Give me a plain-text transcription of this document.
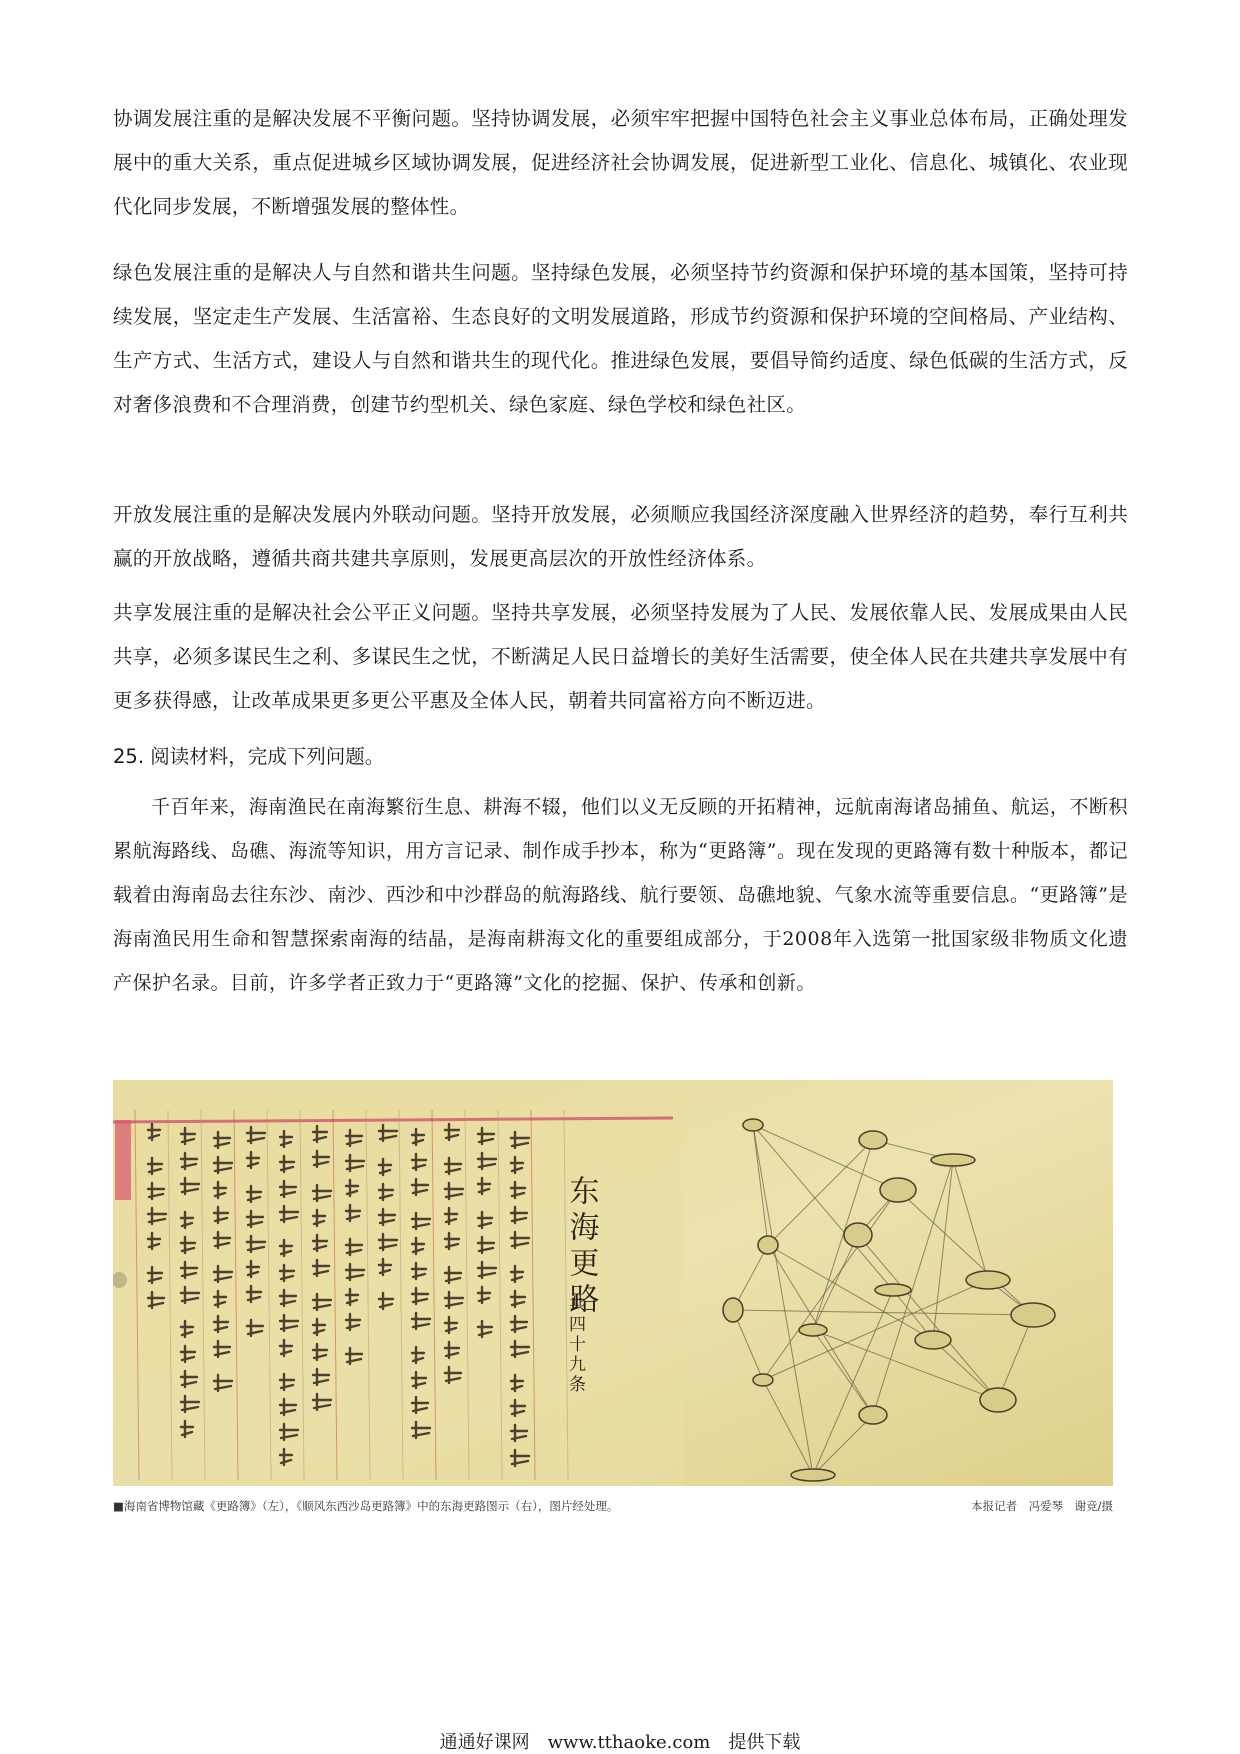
协调发展注重的是解决发展不平衡问题。坚持协调发展，必须牢牢把握中国特色社会主义事业总体布局，正确处理发展中的重大关系，重点促进城乡区域协调发展，促进经济社会协调发展，促进新型工业化、信息化、城镇化、农业现代化同步发展，不断增强发展的整体性。

绿色发展注重的是解决人与自然和谐共生问题。坚持绿色发展，必须坚持节约资源和保护环境的基本国策，坚持可持续发展，坚定走生产发展、生活富裕、生态良好的文明发展道路，形成节约资源和保护环境的空间格局、产业结构、生产方式、生活方式，建设人与自然和谐共生的现代化。推进绿色发展，要倡导简约适度、绿色低碳的生活方式，反对奢侈浪费和不合理消费，创建节约型机关、绿色家庭、绿色学校和绿色社区。

开放发展注重的是解决发展内外联动问题。坚持开放发展，必须顺应我国经济深度融入世界经济的趋势，奉行互利共赢的开放战略，遵循共商共建共享原则，发展更高层次的开放性经济体系。

共享发展注重的是解决社会公平正义问题。坚持共享发展，必须坚持发展为了人民、发展依靠人民、发展成果由人民共享，必须多谋民生之利、多谋民生之忧，不断满足人民日益增长的美好生活需要，使全体人民在共建共享发展中有更多获得感，让改革成果更多更公平惠及全体人民，朝着共同富裕方向不断迈进。

25. 阅读材料，完成下列问题。

千百年来，海南渔民在南海繁衍生息、耕海不辍，他们以义无反顾的开拓精神，远航南海诸岛捕鱼、航运，不断积累航海路线、岛礁、海流等知识，用方言记录、制作成手抄本，称为“更路簿”。现在发现的更路簿有数十种版本，都记载着由海南岛去往东沙、南沙、西沙和中沙群岛的航海路线、航行要领、岛礁地貌、气象水流等重要信息。“更路簿”是海南渔民用生命和智慧探索南海的结晶，是海南耕海文化的重要组成部分，于2008年入选第一批国家级非物质文化遗产保护名录。目前，许多学者正致力于“更路簿”文化的挖掘、保护、传承和创新。

东海更路
共四十九条
■海南省博物馆藏《更路簿》（左），《顺风东西沙岛更路簿》中的东海更路图示（右），图片经处理。	本报记者　冯爱琴　谢竞/摄
通通好课网　www.tthaoke.com　提供下载
